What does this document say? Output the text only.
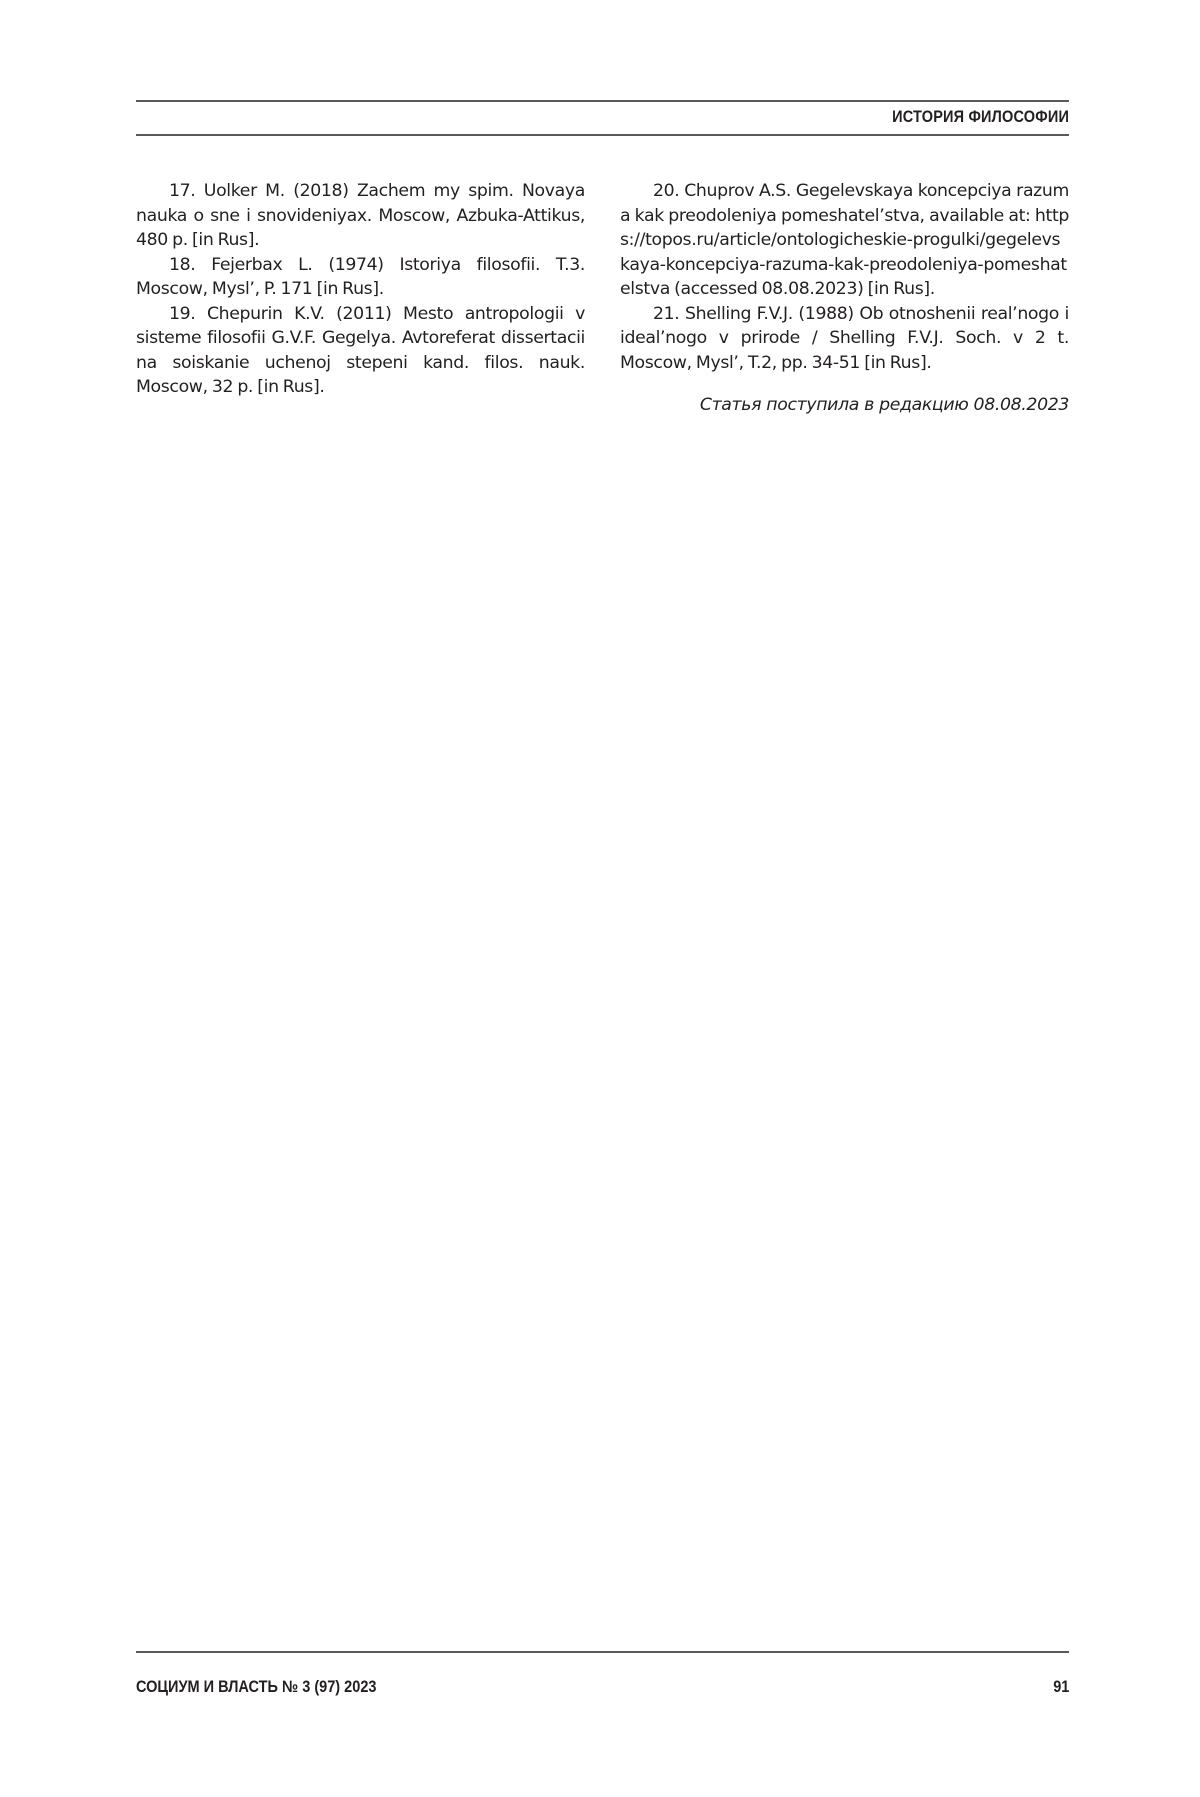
ИСТОРИЯ ФИЛОСОФИИ

17. Uolker M. (2018) Zachem my spim. Novaya nauka o sne i snovideniyax. Moscow, Azbuka-Attikus, 480 p. [in Rus].

18. Fejerbax L. (1974) Istoriya filosofii. T.3. Moscow, Mysl’, P. 171 [in Rus].

19. Chepurin K.V. (2011) Mesto antropologii v sisteme filosofii G.V.F. Gegelya. Avtoreferat dissertacii na soiskanie uchenoj stepeni kand. filos. nauk. Moscow, 32 p. [in Rus].

20. Chuprov A.S. Gegelevskaya koncepciya razuma kak preodoleniya pomeshatel’stva, available at: https://topos.ru/article/ontologicheskie-progulki/gegelevskaya-koncepciya-razuma-kak-preodoleniya-pomeshatelstva (accessed 08.08.2023) [in Rus].

21. Shelling F.V.J. (1988) Ob otnoshenii real’nogo i ideal’nogo v prirode / Shelling F.V.J. Soch. v 2 t. Moscow, Mysl’, T.2, pp. 34-51 [in Rus].

Статья поступила в редакцию 08.08.2023

СОЦИУМ И ВЛАСТЬ № 3 (97) 2023	91
